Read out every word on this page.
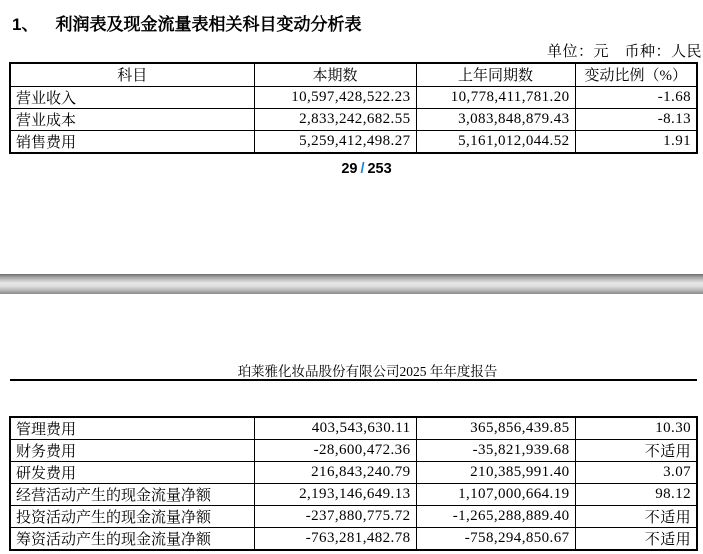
1、 利润表及现金流量表相关科目变动分析表
单位：元　币种：人民
科目	本期数	上年同期数	变动比例（%）
营业收入	10,597,428,522.23	10,778,411,781.20	-1.68
营业成本	2,833,242,682.55	3,083,848,879.43	-8.13
销售费用	5,259,412,498.27	5,161,012,044.52	1.91
29 / 253
珀莱雅化妆品股份有限公司2025 年年度报告
管理费用	403,543,630.11	365,856,439.85	10.30
财务费用	-28,600,472.36	-35,821,939.68	不适用
研发费用	216,843,240.79	210,385,991.40	3.07
经营活动产生的现金流量净额	2,193,146,649.13	1,107,000,664.19	98.12
投资活动产生的现金流量净额	-237,880,775.72	-1,265,288,889.40	不适用
筹资活动产生的现金流量净额	-763,281,482.78	-758,294,850.67	不适用
